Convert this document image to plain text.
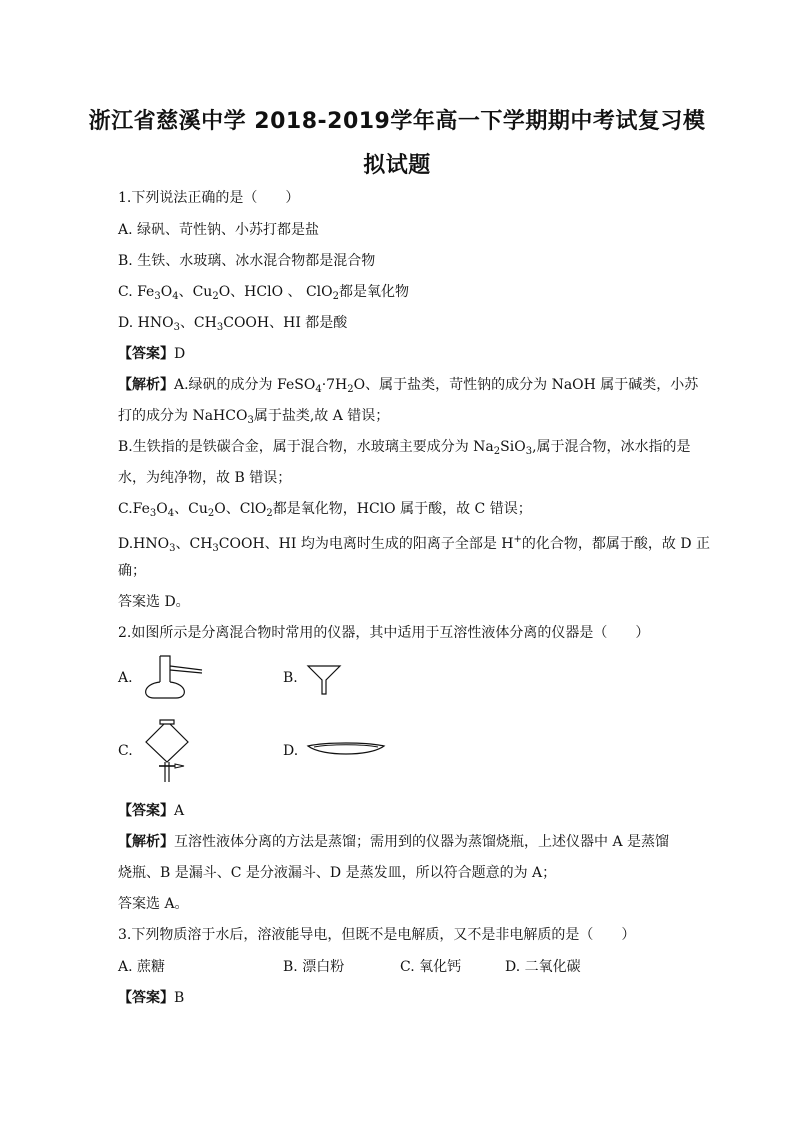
浙江省慈溪中学 2018-2019学年高一下学期期中考试复习模
拟试题
1.下列说法正确的是（　　）
A. 绿矾、苛性钠、小苏打都是盐
B. 生铁、水玻璃、冰水混合物都是混合物
C. $Fe_3O_4$、$Cu_2O$、HClO 、 ClO$_2$都是氧化物
D. $HNO_3$、$CH_3COOH$、HI 都是酸
【答案】D
【解析】A.绿矾的成分为 $FeSO_4\cdot 7H_2O$、属于盐类，苛性钠的成分为 NaOH 属于碱类，小苏
打的成分为 NaHCO$_3$属于盐类,故 A 错误；
B.生铁指的是铁碳合金，属于混合物，水玻璃主要成分为 $Na_2SiO_3$,属于混合物，冰水指的是
水，为纯净物，故 B 错误；
$C.Fe_3O_4$、$Cu_2O$、ClO$_2$都是氧化物，HClO 属于酸，故 C 错误；
$D.HNO_3$、$CH_3COOH$、HI 均为电离时生成的阳离子全部是 H+的化合物，都属于酸，故 D 正
确；
答案选 D。
2.如图所示是分离混合物时常用的仪器，其中适用于互溶性液体分离的仪器是（　　）
A.	B.
C.	D.
【答案】A
【解析】互溶性液体分离的方法是蒸馏；需用到的仪器为蒸馏烧瓶，上述仪器中 A 是蒸馏
烧瓶、B 是漏斗、C 是分液漏斗、D 是蒸发皿，所以符合题意的为 A；
答案选 A。
3.下列物质溶于水后，溶液能导电，但既不是电解质，又不是非电解质的是（　　）
A. 蔗糖	B. 漂白粉	C. 氧化钙	D. 二氧化碳
【答案】B
